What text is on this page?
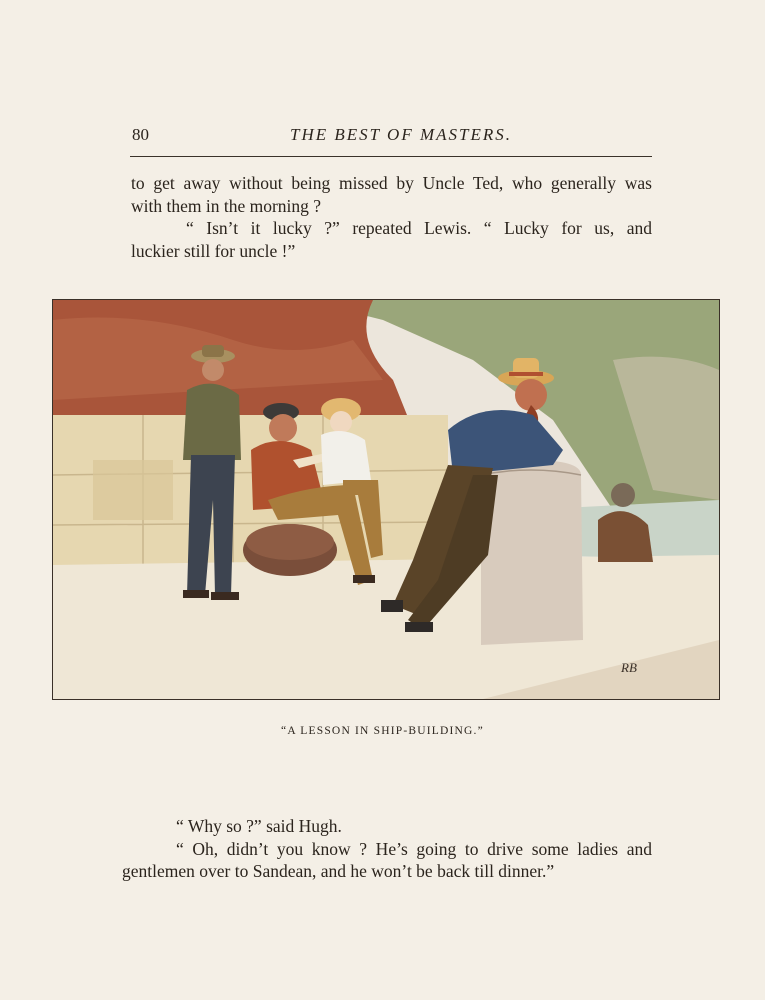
80	THE BEST OF MASTERS.
to get away without being missed by Uncle Ted, who generally was
with them in the morning ?
“ Isn’t it lucky ?” repeated Lewis. “ Lucky for us, and
luckier still for uncle !”
RB
“A LESSON IN SHIP-BUILDING.”
“ Why so ?” said Hugh.
“ Oh, didn’t you know ? He’s going to drive some ladies and
gentlemen over to Sandean, and he won’t be back till dinner.”
